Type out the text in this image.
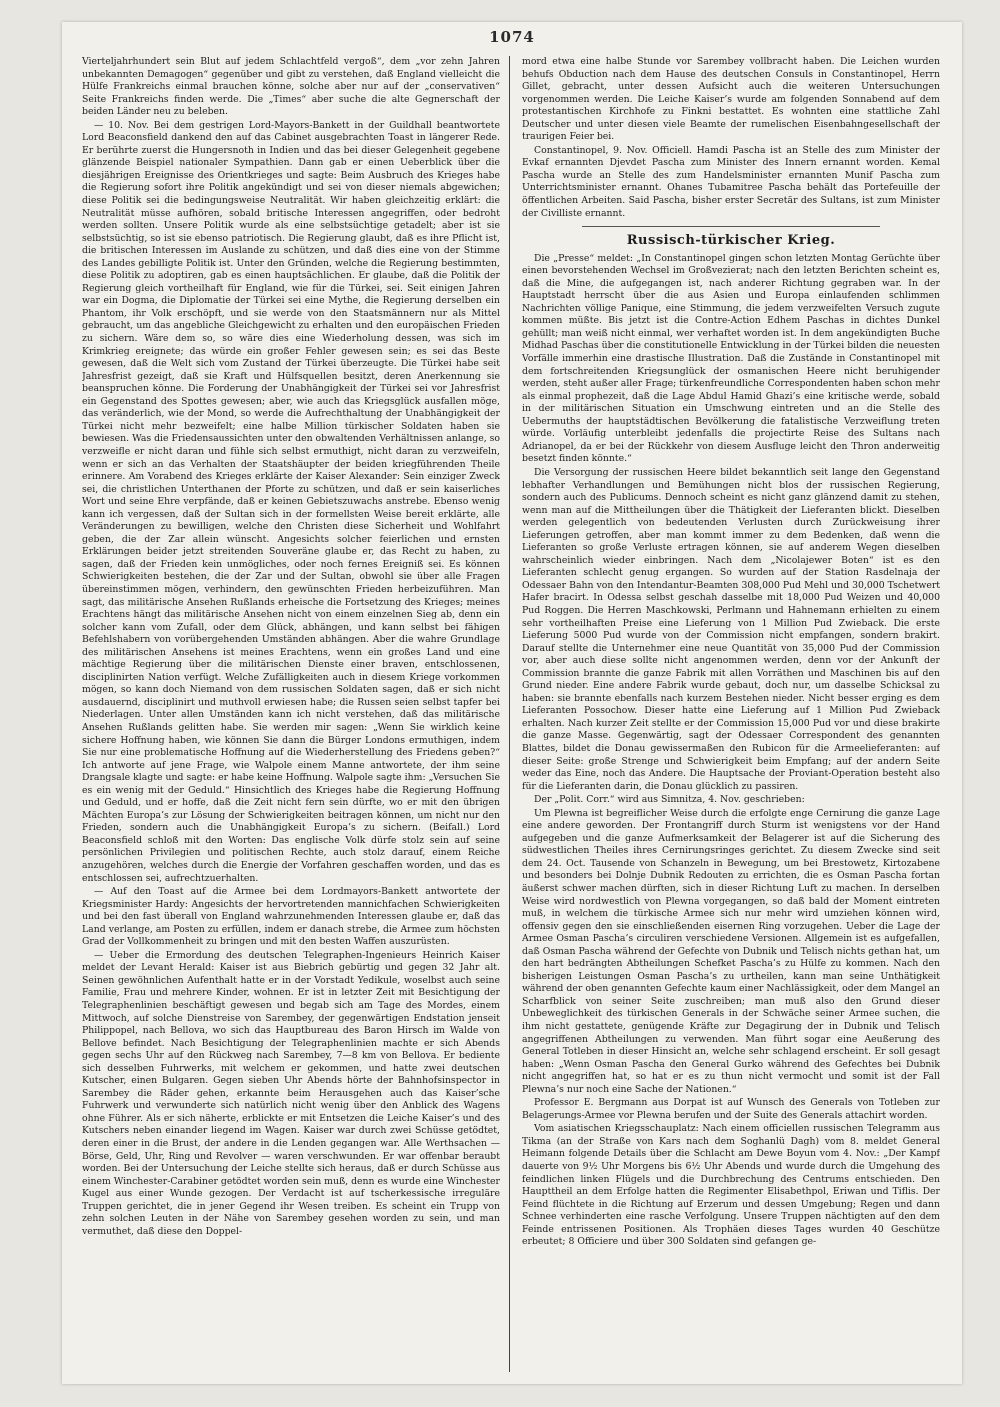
1074

Vierteljahrhundert sein Blut auf jedem Schlachtfeld vergoß“, dem „vor zehn Jahren unbekannten Demagogen“ gegenüber und gibt zu verstehen, daß England vielleicht die Hülfe Frankreichs einmal brauchen könne, solche aber nur auf der „conservativen“ Seite Frankreichs finden werde. Die „Times“ aber suche die alte Gegnerschaft der beiden Länder neu zu beleben.

— 10. Nov. Bei dem gestrigen Lord-Mayors-Bankett in der Guildhall beantwortete Lord Beaconsfield dankend den auf das Cabinet ausgebrachten Toast in längerer Rede. Er berührte zuerst die Hungersnoth in Indien und das bei dieser Gelegenheit gegebene glänzende Beispiel nationaler Sympathien. Dann gab er einen Ueberblick über die diesjährigen Ereignisse des Orientkrieges und sagte: Beim Ausbruch des Krieges habe die Regierung sofort ihre Politik angekündigt und sei von dieser niemals abgewichen; diese Politik sei die bedingungsweise Neutralität. Wir haben gleichzeitig erklärt: die Neutralität müsse aufhören, sobald britische Interessen angegriffen, oder bedroht werden sollten. Unsere Politik wurde als eine selbstsüchtige getadelt; aber ist sie selbstsüchtig, so ist sie ebenso patriotisch. Die Regierung glaubt, daß es ihre Pflicht ist, die britischen Interessen im Auslande zu schützen, und daß dies eine von der Stimme des Landes gebilligte Politik ist. Unter den Gründen, welche die Regierung bestimmten, diese Politik zu adoptiren, gab es einen hauptsächlichen. Er glaube, daß die Politik der Regierung gleich vortheilhaft für England, wie für die Türkei, sei. Seit einigen Jahren war ein Dogma, die Diplomatie der Türkei sei eine Mythe, die Regierung derselben ein Phantom, ihr Volk erschöpft, und sie werde von den Staatsmännern nur als Mittel gebraucht, um das angebliche Gleichgewicht zu erhalten und den europäischen Frieden zu sichern. Wäre dem so, so wäre dies eine Wiederholung dessen, was sich im Krimkrieg ereignete; das würde ein großer Fehler gewesen sein; es sei das Beste gewesen, daß die Welt sich vom Zustand der Türkei überzeugte. Die Türkei habe seit Jahresfrist gezeigt, daß sie Kraft und Hülfsquellen besitzt, deren Anerkennung sie beanspruchen könne. Die Forderung der Unabhängigkeit der Türkei sei vor Jahresfrist ein Gegenstand des Spottes gewesen; aber, wie auch das Kriegsglück ausfallen möge, das veränderlich, wie der Mond, so werde die Aufrechthaltung der Unabhängigkeit der Türkei nicht mehr bezweifelt; eine halbe Million türkischer Soldaten haben sie bewiesen. Was die Friedensaussichten unter den obwaltenden Verhältnissen anlange, so verzweifle er nicht daran und fühle sich selbst ermuthigt, nicht daran zu verzweifeln, wenn er sich an das Verhalten der Staatshäupter der beiden kriegführenden Theile erinnere. Am Vorabend des Krieges erklärte der Kaiser Alexander: Sein einziger Zweck sei, die christlichen Unterthanen der Pforte zu schützen, und daß er sein kaiserliches Wort und seine Ehre verpfände, daß er keinen Gebietszuwachs anstrebe. Ebenso wenig kann ich vergessen, daß der Sultan sich in der formellsten Weise bereit erklärte, alle Veränderungen zu bewilligen, welche den Christen diese Sicherheit und Wohlfahrt geben, die der Zar allein wünscht. Angesichts solcher feierlichen und ernsten Erklärungen beider jetzt streitenden Souveräne glaube er, das Recht zu haben, zu sagen, daß der Frieden kein unmögliches, oder noch fernes Ereigniß sei. Es können Schwierigkeiten bestehen, die der Zar und der Sultan, obwohl sie über alle Fragen übereinstimmen mögen, verhindern, den gewünschten Frieden herbeizuführen. Man sagt, das militärische Ansehen Rußlands erheische die Fortsetzung des Krieges; meines Erachtens hängt das militärische Ansehen nicht von einem einzelnen Sieg ab, denn ein solcher kann vom Zufall, oder dem Glück, abhängen, und kann selbst bei fähigen Befehlshabern von vorübergehenden Umständen abhängen. Aber die wahre Grundlage des militärischen Ansehens ist meines Erachtens, wenn ein großes Land und eine mächtige Regierung über die militärischen Dienste einer braven, entschlossenen, disciplinirten Nation verfügt. Welche Zufälligkeiten auch in diesem Kriege vorkommen mögen, so kann doch Niemand von dem russischen Soldaten sagen, daß er sich nicht ausdauernd, disciplinirt und muthvoll erwiesen habe; die Russen seien selbst tapfer bei Niederlagen. Unter allen Umständen kann ich nicht verstehen, daß das militärische Ansehen Rußlands gelitten habe. Sie werden mir sagen: „Wenn Sie wirklich keine sichere Hoffnung haben, wie können Sie dann die Bürger Londons ermuthigen, indem Sie nur eine problematische Hoffnung auf die Wiederherstellung des Friedens geben?“ Ich antworte auf jene Frage, wie Walpole einem Manne antwortete, der ihm seine Drangsale klagte und sagte: er habe keine Hoffnung. Walpole sagte ihm: „Versuchen Sie es ein wenig mit der Geduld.“ Hinsichtlich des Krieges habe die Regierung Hoffnung und Geduld, und er hoffe, daß die Zeit nicht fern sein dürfte, wo er mit den übrigen Mächten Europa’s zur Lösung der Schwierigkeiten beitragen können, um nicht nur den Frieden, sondern auch die Unabhängigkeit Europa’s zu sichern. (Beifall.) Lord Beaconsfield schloß mit den Worten: Das englische Volk dürfe stolz sein auf seine persönlichen Privilegien und politischen Rechte, auch stolz darauf, einem Reiche anzugehören, welches durch die Energie der Vorfahren geschaffen worden, und das es entschlossen sei, aufrechtzuerhalten.

— Auf den Toast auf die Armee bei dem Lordmayors-Bankett antwortete der Kriegsminister Hardy: Angesichts der hervortretenden mannichfachen Schwierigkeiten und bei den fast überall von England wahrzunehmenden Interessen glaube er, daß das Land verlange, am Posten zu erfüllen, indem er danach strebe, die Armee zum höchsten Grad der Vollkommenheit zu bringen und mit den besten Waffen auszurüsten.

— Ueber die Ermordung des deutschen Telegraphen-Ingenieurs Heinrich Kaiser meldet der Levant Herald: Kaiser ist aus Biebrich gebürtig und gegen 32 Jahr alt. Seinen gewöhnlichen Aufenthalt hatte er in der Vorstadt Yedikule, woselbst auch seine Familie, Frau und mehrere Kinder, wohnen. Er ist in letzter Zeit mit Besichtigung der Telegraphenlinien beschäftigt gewesen und begab sich am Tage des Mordes, einem Mittwoch, auf solche Dienstreise von Sarembey, der gegenwärtigen Endstation jenseit Philippopel, nach Bellova, wo sich das Hauptbureau des Baron Hirsch im Walde von Bellove befindet. Nach Besichtigung der Telegraphenlinien machte er sich Abends gegen sechs Uhr auf den Rückweg nach Sarembey, 7—8 km von Bellova. Er bediente sich desselben Fuhrwerks, mit welchem er gekommen, und hatte zwei deutschen Kutscher, einen Bulgaren. Gegen sieben Uhr Abends hörte der Bahnhofsinspector in Sarembey die Räder gehen, erkannte beim Herausgehen auch das Kaiser’sche Fuhrwerk und verwunderte sich natürlich nicht wenig über den Anblick des Wagens ohne Führer. Als er sich näherte, erblickte er mit Entsetzen die Leiche Kaiser’s und des Kutschers neben einander liegend im Wagen. Kaiser war durch zwei Schüsse getödtet, deren einer in die Brust, der andere in die Lenden gegangen war. Alle Werthsachen — Börse, Geld, Uhr, Ring und Revolver — waren verschwunden. Er war offenbar beraubt worden. Bei der Untersuchung der Leiche stellte sich heraus, daß er durch Schüsse aus einem Winchester-Carabiner getödtet worden sein muß, denn es wurde eine Winchester Kugel aus einer Wunde gezogen. Der Verdacht ist auf tscherkessische irreguläre Truppen gerichtet, die in jener Gegend ihr Wesen treiben. Es scheint ein Trupp von zehn solchen Leuten in der Nähe von Sarembey gesehen worden zu sein, und man vermuthet, daß diese den Doppel-

mord etwa eine halbe Stunde vor Sarembey vollbracht haben. Die Leichen wurden behufs Obduction nach dem Hause des deutschen Consuls in Constantinopel, Herrn Gillet, gebracht, unter dessen Aufsicht auch die weiteren Untersuchungen vorgenommen werden. Die Leiche Kaiser’s wurde am folgenden Sonnabend auf dem protestantischen Kirchhofe zu Finkni bestattet. Es wohnten eine stattliche Zahl Deutscher und unter diesen viele Beamte der rumelischen Eisenbahngesellschaft der traurigen Feier bei.

Constantinopel, 9. Nov. Officiell. Hamdi Pascha ist an Stelle des zum Minister der Evkaf ernannten Djevdet Pascha zum Minister des Innern ernannt worden. Kemal Pascha wurde an Stelle des zum Handelsminister ernannten Munif Pascha zum Unterrichtsminister ernannt. Ohanes Tubamitree Pascha behält das Portefeuille der öffentlichen Arbeiten. Said Pascha, bisher erster Secretär des Sultans, ist zum Minister der Civilliste ernannt.

Russisch-türkischer Krieg.

Die „Presse“ meldet: „In Constantinopel gingen schon letzten Montag Gerüchte über einen bevorstehenden Wechsel im Großvezierat; nach den letzten Berichten scheint es, daß die Mine, die aufgegangen ist, nach anderer Richtung gegraben war. In der Hauptstadt herrscht über die aus Asien und Europa einlaufenden schlimmen Nachrichten völlige Panique, eine Stimmung, die jedem verzweifelten Versuch zugute kommen müßte. Bis jetzt ist die Contre-Action Edhem Paschas in dichtes Dunkel gehüllt; man weiß nicht einmal, wer verhaftet worden ist. In dem angekündigten Buche Midhad Paschas über die constitutionelle Entwicklung in der Türkei bilden die neuesten Vorfälle immerhin eine drastische Illustration. Daß die Zustände in Constantinopel mit dem fortschreitenden Kriegsunglück der osmanischen Heere nicht beruhigender werden, steht außer aller Frage; türkenfreundliche Correspondenten haben schon mehr als einmal prophezeit, daß die Lage Abdul Hamid Ghazi’s eine kritische werde, sobald in der militärischen Situation ein Umschwung eintreten und an die Stelle des Uebermuths der hauptstädtischen Bevölkerung die fatalistische Verzweiflung treten würde. Vorläufig unterbleibt jedenfalls die projectirte Reise des Sultans nach Adrianopel, da er bei der Rückkehr von diesem Ausfluge leicht den Thron anderweitig besetzt finden könnte.“

Die Versorgung der russischen Heere bildet bekanntlich seit lange den Gegenstand lebhafter Verhandlungen und Bemühungen nicht blos der russischen Regierung, sondern auch des Publicums. Dennoch scheint es nicht ganz glänzend damit zu stehen, wenn man auf die Mittheilungen über die Thätigkeit der Lieferanten blickt. Dieselben werden gelegentlich von bedeutenden Verlusten durch Zurückweisung ihrer Lieferungen getroffen, aber man kommt immer zu dem Bedenken, daß wenn die Lieferanten so große Verluste ertragen können, sie auf anderem Wegen dieselben wahrscheinlich wieder einbringen. Nach dem „Nicolajewer Boten“ ist es den Lieferanten schlecht genug ergangen. So wurden auf der Station Rasdelnaja der Odessaer Bahn von den Intendantur-Beamten 308,000 Pud Mehl und 30,000 Tschetwert Hafer bracirt. In Odessa selbst geschah dasselbe mit 18,000 Pud Weizen und 40,000 Pud Roggen. Die Herren Maschkowski, Perlmann und Hahnemann erhielten zu einem sehr vortheilhaften Preise eine Lieferung von 1 Million Pud Zwieback. Die erste Lieferung 5000 Pud wurde von der Commission nicht empfangen, sondern brakirt. Darauf stellte die Unternehmer eine neue Quantität von 35,000 Pud der Commission vor, aber auch diese sollte nicht angenommen werden, denn vor der Ankunft der Commission brannte die ganze Fabrik mit allen Vorräthen und Maschinen bis auf den Grund nieder. Eine andere Fabrik wurde gebaut, doch nur, um dasselbe Schicksal zu haben: sie brannte ebenfalls nach kurzem Bestehen nieder. Nicht besser erging es dem Lieferanten Possochow. Dieser hatte eine Lieferung auf 1 Million Pud Zwieback erhalten. Nach kurzer Zeit stellte er der Commission 15,000 Pud vor und diese brakirte die ganze Masse. Gegenwärtig, sagt der Odessaer Correspondent des genannten Blattes, bildet die Donau gewissermaßen den Rubicon für die Armeelieferanten: auf dieser Seite: große Strenge und Schwierigkeit beim Empfang; auf der andern Seite weder das Eine, noch das Andere. Die Hauptsache der Proviant-Operation besteht also für die Lieferanten darin, die Donau glücklich zu passiren.

Der „Polit. Corr.“ wird aus Simnitza, 4. Nov. geschrieben:

Um Plewna ist begreiflicher Weise durch die erfolgte enge Cernirung die ganze Lage eine andere geworden. Der Frontangriff durch Sturm ist wenigstens vor der Hand aufgegeben und die ganze Aufmerksamkeit der Belagerer ist auf die Sicherung des südwestlichen Theiles ihres Cernirungsringes gerichtet. Zu diesem Zwecke sind seit dem 24. Oct. Tausende von Schanzeln in Bewegung, um bei Brestowetz, Kirtozabene und besonders bei Dolnje Dubnik Redouten zu errichten, die es Osman Pascha fortan äußerst schwer machen dürften, sich in dieser Richtung Luft zu machen. In derselben Weise wird nordwestlich von Plewna vorgegangen, so daß bald der Moment eintreten muß, in welchem die türkische Armee sich nur mehr wird umziehen können wird, offensiv gegen den sie einschließenden eisernen Ring vorzugehen. Ueber die Lage der Armee Osman Pascha’s circuliren verschiedene Versionen. Allgemein ist es aufgefallen, daß Osman Pascha während der Gefechte von Dubnik und Telisch nichts gethan hat, um den hart bedrängten Abtheilungen Schefket Pascha’s zu Hülfe zu kommen. Nach den bisherigen Leistungen Osman Pascha’s zu urtheilen, kann man seine Unthätigkeit während der oben genannten Gefechte kaum einer Nachlässigkeit, oder dem Mangel an Scharfblick von seiner Seite zuschreiben; man muß also den Grund dieser Unbeweglichkeit des türkischen Generals in der Schwäche seiner Armee suchen, die ihm nicht gestattete, genügende Kräfte zur Degagirung der in Dubnik und Telisch angegriffenen Abtheilungen zu verwenden. Man führt sogar eine Aeußerung des General Totleben in dieser Hinsicht an, welche sehr schlagend erscheint. Er soll gesagt haben: „Wenn Osman Pascha den General Gurko während des Gefechtes bei Dubnik nicht angegriffen hat, so hat er es zu thun nicht vermocht und somit ist der Fall Plewna’s nur noch eine Sache der Nationen.“

Professor E. Bergmann aus Dorpat ist auf Wunsch des Generals von Totleben zur Belagerungs-Armee vor Plewna berufen und der Suite des Generals attachirt worden.

Vom asiatischen Kriegsschauplatz: Nach einem officiellen russischen Telegramm aus Tikma (an der Straße von Kars nach dem Soghanlü Dagh) vom 8. meldet General Heimann folgende Details über die Schlacht am Dewe Boyun vom 4. Nov.: „Der Kampf dauerte von 9½ Uhr Morgens bis 6½ Uhr Abends und wurde durch die Umgehung des feindlichen linken Flügels und die Durchbrechung des Centrums entschieden. Den Haupttheil an dem Erfolge hatten die Regimenter Elisabethpol, Eriwan und Tiflis. Der Feind flüchtete in die Richtung auf Erzerum und dessen Umgebung; Regen und dann Schnee verhinderten eine rasche Verfolgung. Unsere Truppen nächtigten auf den dem Feinde entrissenen Positionen. Als Trophäen dieses Tages wurden 40 Geschütze erbeutet; 8 Officiere und über 300 Soldaten sind gefangen ge-
